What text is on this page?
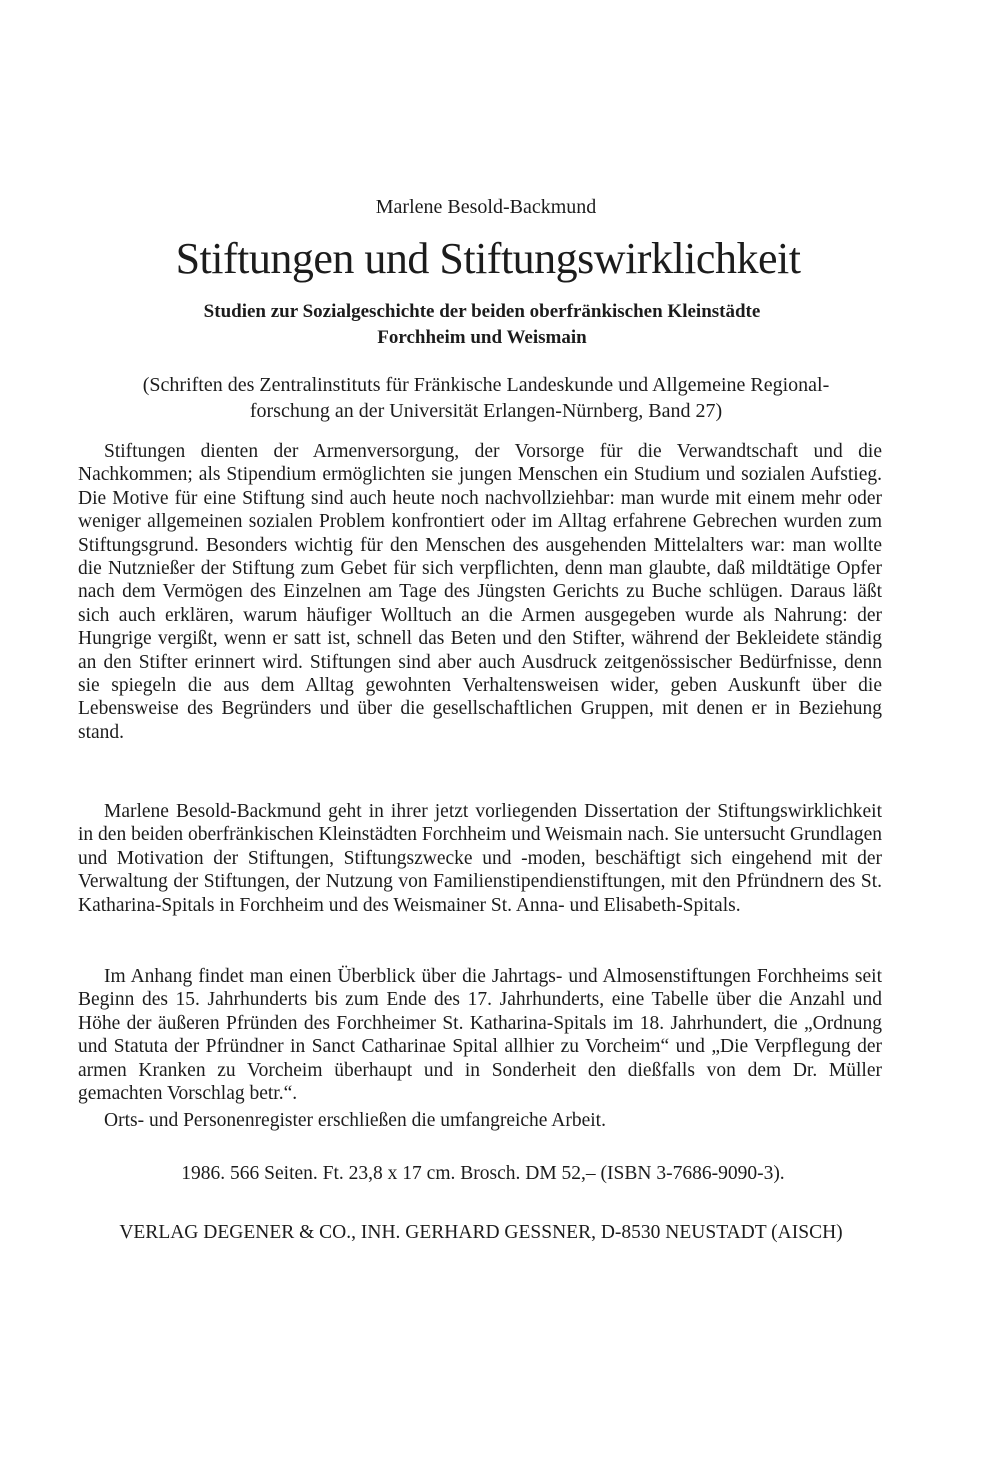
Marlene Besold-Backmund
Stiftungen und Stiftungswirklichkeit
Studien zur Sozialgeschichte der beiden oberfränkischen Kleinstädte
Forchheim und Weismain
(Schriften des Zentralinstituts für Fränkische Landeskunde und Allgemeine Regional-
forschung an der Universität Erlangen-Nürnberg, Band 27)

Stiftungen dienten der Armenversorgung, der Vorsorge für die Verwandtschaft und die Nachkommen; als Stipendium ermöglichten sie jungen Menschen ein Studium und sozialen Aufstieg. Die Motive für eine Stiftung sind auch heute noch nachvollziehbar: man wurde mit einem mehr oder weniger allgemeinen sozialen Problem konfrontiert oder im Alltag erfahrene Gebrechen wurden zum Stiftungsgrund. Besonders wichtig für den Menschen des ausgehenden Mittelalters war: man wollte die Nutznießer der Stiftung zum Gebet für sich verpflichten, denn man glaubte, daß mildtätige Opfer nach dem Vermögen des Einzelnen am Tage des Jüngsten Gerichts zu Buche schlügen. Daraus läßt sich auch erklären, warum häufiger Wolltuch an die Armen ausgegeben wurde als Nahrung: der Hungrige vergißt, wenn er satt ist, schnell das Beten und den Stifter, während der Bekleidete ständig an den Stifter erinnert wird. Stiftungen sind aber auch Ausdruck zeitgenössischer Bedürfnisse, denn sie spiegeln die aus dem Alltag gewohnten Verhaltensweisen wider, geben Auskunft über die Lebensweise des Begründers und über die gesellschaftlichen Gruppen, mit denen er in Beziehung stand.

Marlene Besold-Backmund geht in ihrer jetzt vorliegenden Dissertation der Stiftungswirklichkeit in den beiden oberfränkischen Kleinstädten Forchheim und Weismain nach. Sie untersucht Grundlagen und Motivation der Stiftungen, Stiftungszwecke und -moden, beschäftigt sich eingehend mit der Verwaltung der Stiftungen, der Nutzung von Familienstipendienstiftungen, mit den Pfründnern des St. Katharina-Spitals in Forchheim und des Weismainer St. Anna- und Elisabeth-Spitals.

Im Anhang findet man einen Überblick über die Jahrtags- und Almosenstiftungen Forchheims seit Beginn des 15. Jahrhunderts bis zum Ende des 17. Jahrhunderts, eine Tabelle über die Anzahl und Höhe der äußeren Pfründen des Forchheimer St. Katharina-Spitals im 18. Jahrhundert, die „Ordnung und Statuta der Pfründner in Sanct Catharinae Spital allhier zu Vorcheim“ und „Die Verpflegung der armen Kranken zu Vorcheim überhaupt und in Sonderheit den dießfalls von dem Dr. Müller gemachten Vorschlag betr.“.

Orts- und Personenregister erschließen die umfangreiche Arbeit.

1986. 566 Seiten. Ft. 23,8 x 17 cm. Brosch. DM 52,– (ISBN 3-7686-9090-3).
VERLAG DEGENER & CO., INH. GERHARD GESSNER, D-8530 NEUSTADT (AISCH)
